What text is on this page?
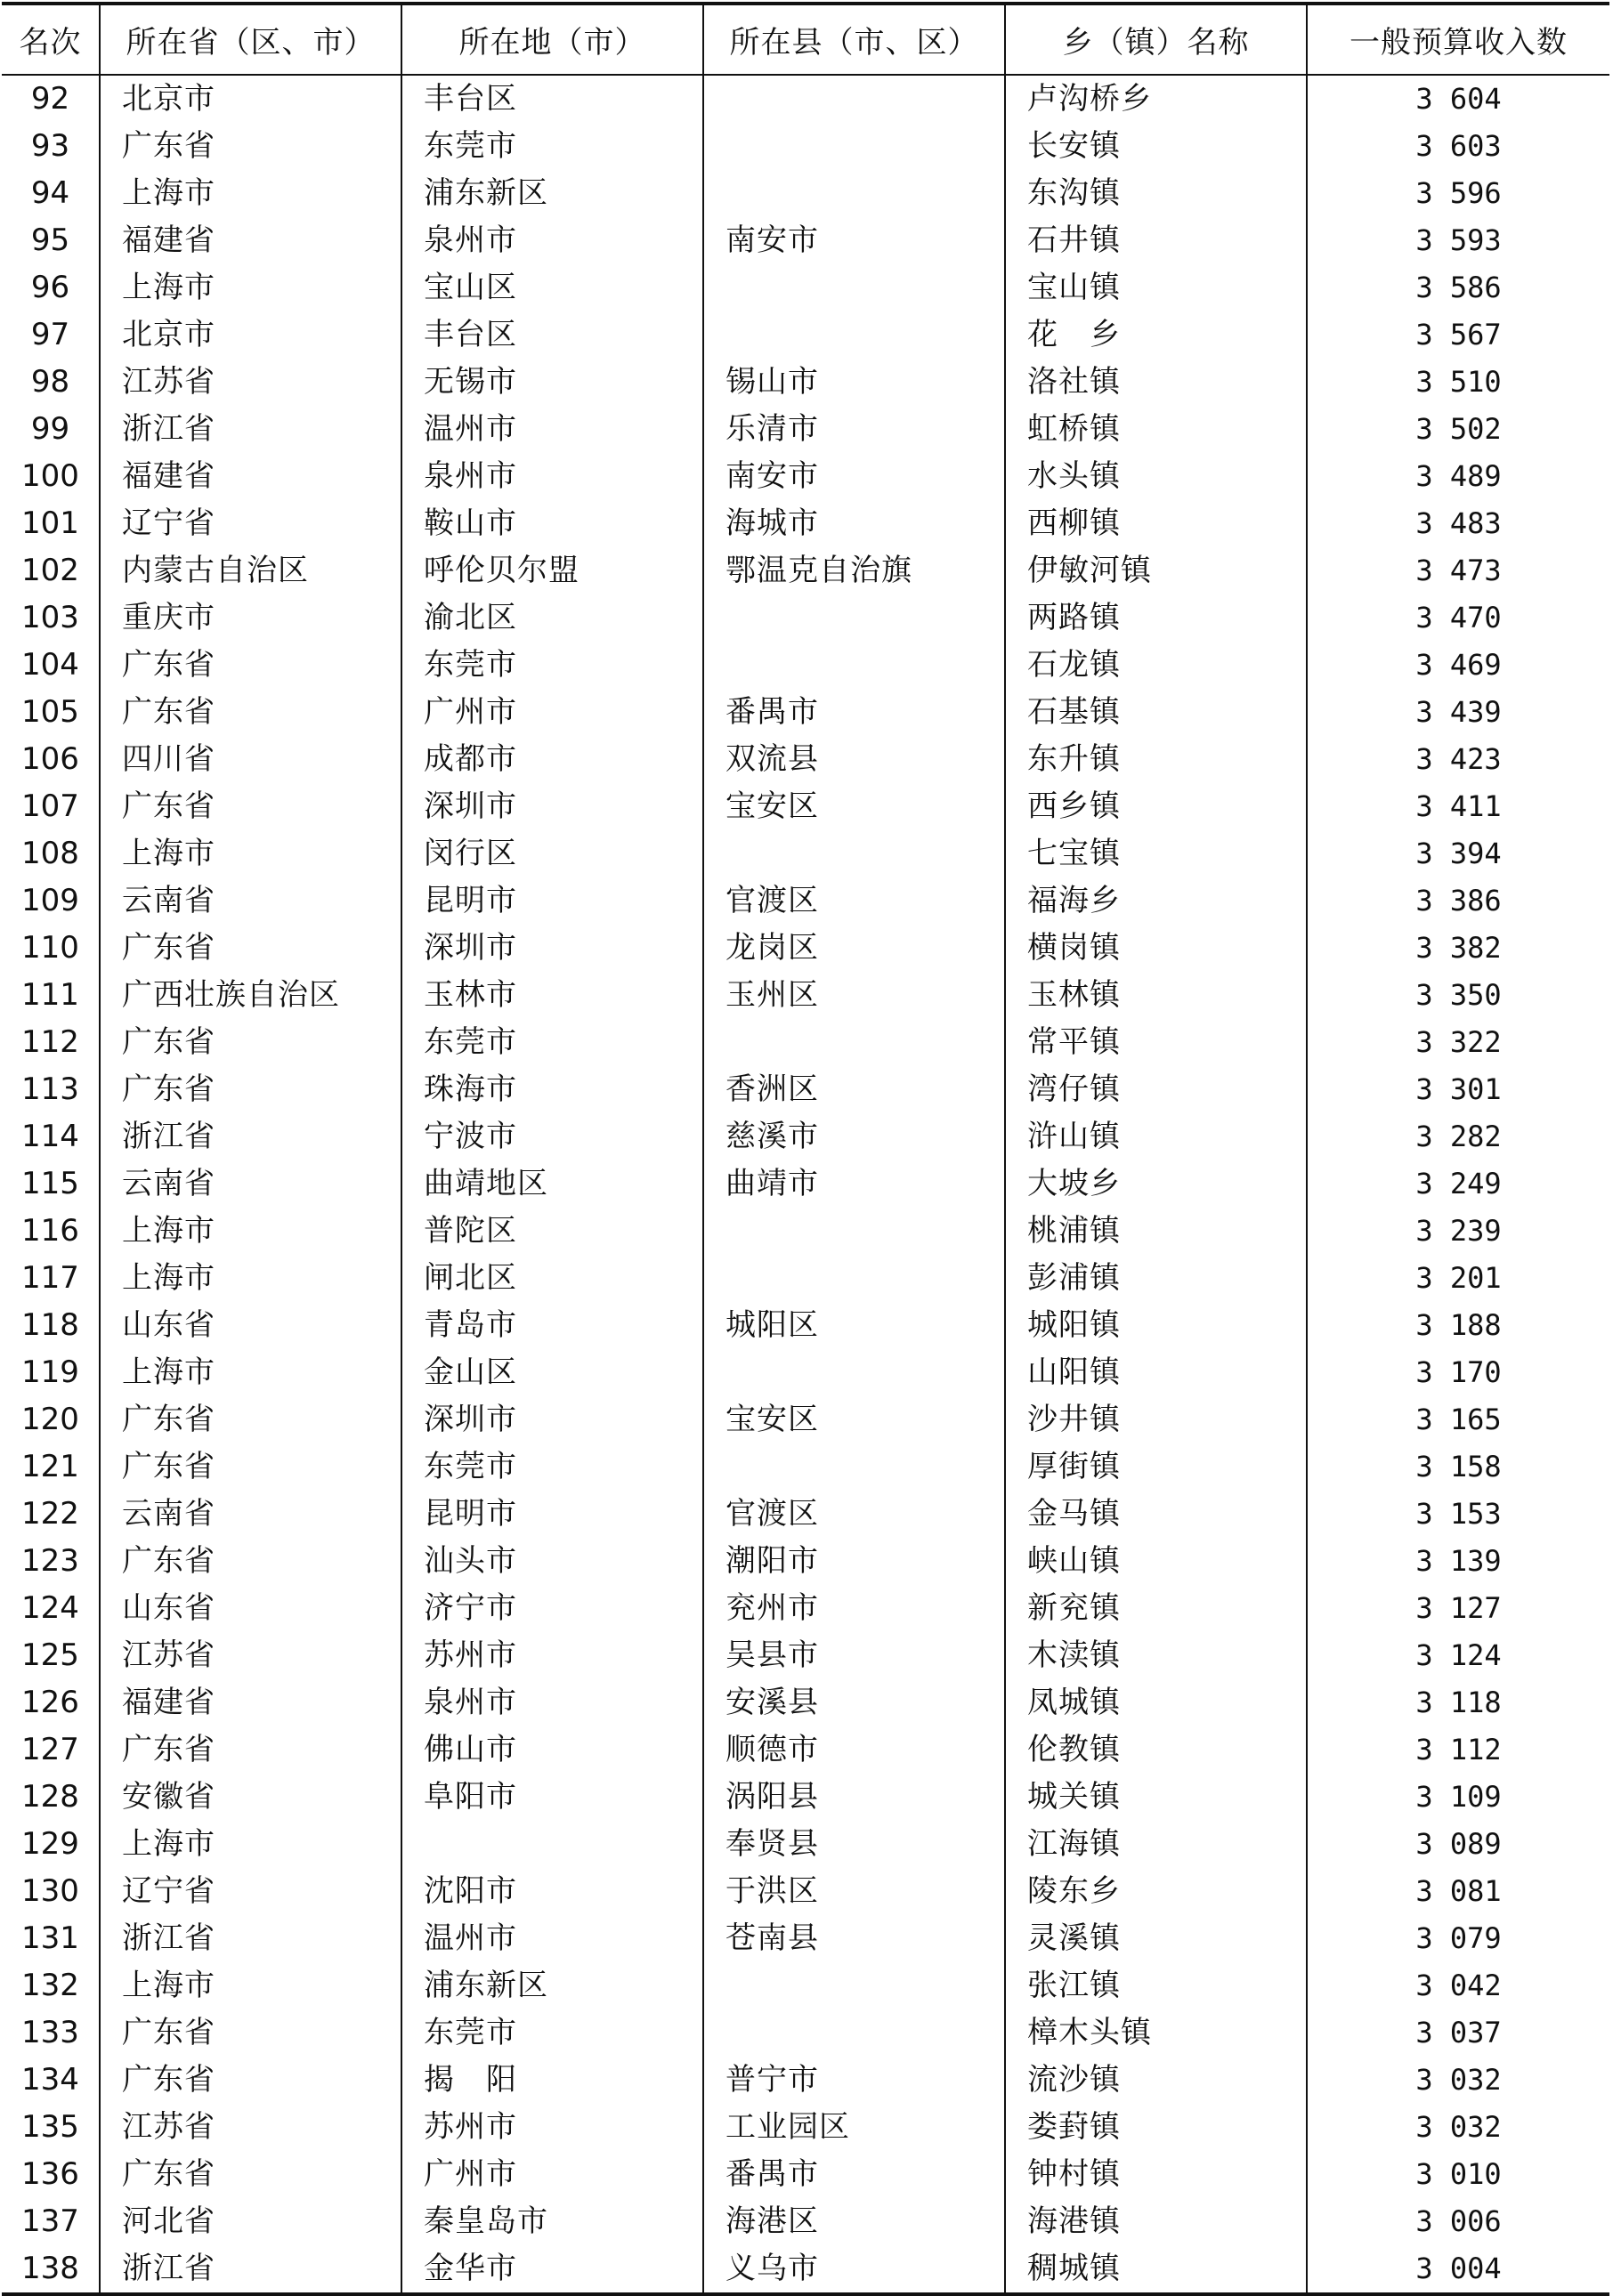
名次	所在省（区、市）	所在地（市）	所在县（市、区）	乡（镇）名称	一般预算收入数
92	北京市	丰台区		卢沟桥乡	3 604
93	广东省	东莞市		长安镇	3 603
94	上海市	浦东新区		东沟镇	3 596
95	福建省	泉州市	南安市	石井镇	3 593
96	上海市	宝山区		宝山镇	3 586
97	北京市	丰台区		花　乡	3 567
98	江苏省	无锡市	锡山市	洛社镇	3 510
99	浙江省	温州市	乐清市	虹桥镇	3 502
100	福建省	泉州市	南安市	水头镇	3 489
101	辽宁省	鞍山市	海城市	西柳镇	3 483
102	内蒙古自治区	呼伦贝尔盟	鄂温克自治旗	伊敏河镇	3 473
103	重庆市	渝北区		两路镇	3 470
104	广东省	东莞市		石龙镇	3 469
105	广东省	广州市	番禺市	石基镇	3 439
106	四川省	成都市	双流县	东升镇	3 423
107	广东省	深圳市	宝安区	西乡镇	3 411
108	上海市	闵行区		七宝镇	3 394
109	云南省	昆明市	官渡区	福海乡	3 386
110	广东省	深圳市	龙岗区	横岗镇	3 382
111	广西壮族自治区	玉林市	玉州区	玉林镇	3 350
112	广东省	东莞市		常平镇	3 322
113	广东省	珠海市	香洲区	湾仔镇	3 301
114	浙江省	宁波市	慈溪市	浒山镇	3 282
115	云南省	曲靖地区	曲靖市	大坡乡	3 249
116	上海市	普陀区		桃浦镇	3 239
117	上海市	闸北区		彭浦镇	3 201
118	山东省	青岛市	城阳区	城阳镇	3 188
119	上海市	金山区		山阳镇	3 170
120	广东省	深圳市	宝安区	沙井镇	3 165
121	广东省	东莞市		厚街镇	3 158
122	云南省	昆明市	官渡区	金马镇	3 153
123	广东省	汕头市	潮阳市	峡山镇	3 139
124	山东省	济宁市	兖州市	新兖镇	3 127
125	江苏省	苏州市	吴县市	木渎镇	3 124
126	福建省	泉州市	安溪县	凤城镇	3 118
127	广东省	佛山市	顺德市	伦教镇	3 112
128	安徽省	阜阳市	涡阳县	城关镇	3 109
129	上海市		奉贤县	江海镇	3 089
130	辽宁省	沈阳市	于洪区	陵东乡	3 081
131	浙江省	温州市	苍南县	灵溪镇	3 079
132	上海市	浦东新区		张江镇	3 042
133	广东省	东莞市		樟木头镇	3 037
134	广东省	揭　阳	普宁市	流沙镇	3 032
135	江苏省	苏州市	工业园区	娄葑镇	3 032
136	广东省	广州市	番禺市	钟村镇	3 010
137	河北省	秦皇岛市	海港区	海港镇	3 006
138	浙江省	金华市	义乌市	稠城镇	3 004
